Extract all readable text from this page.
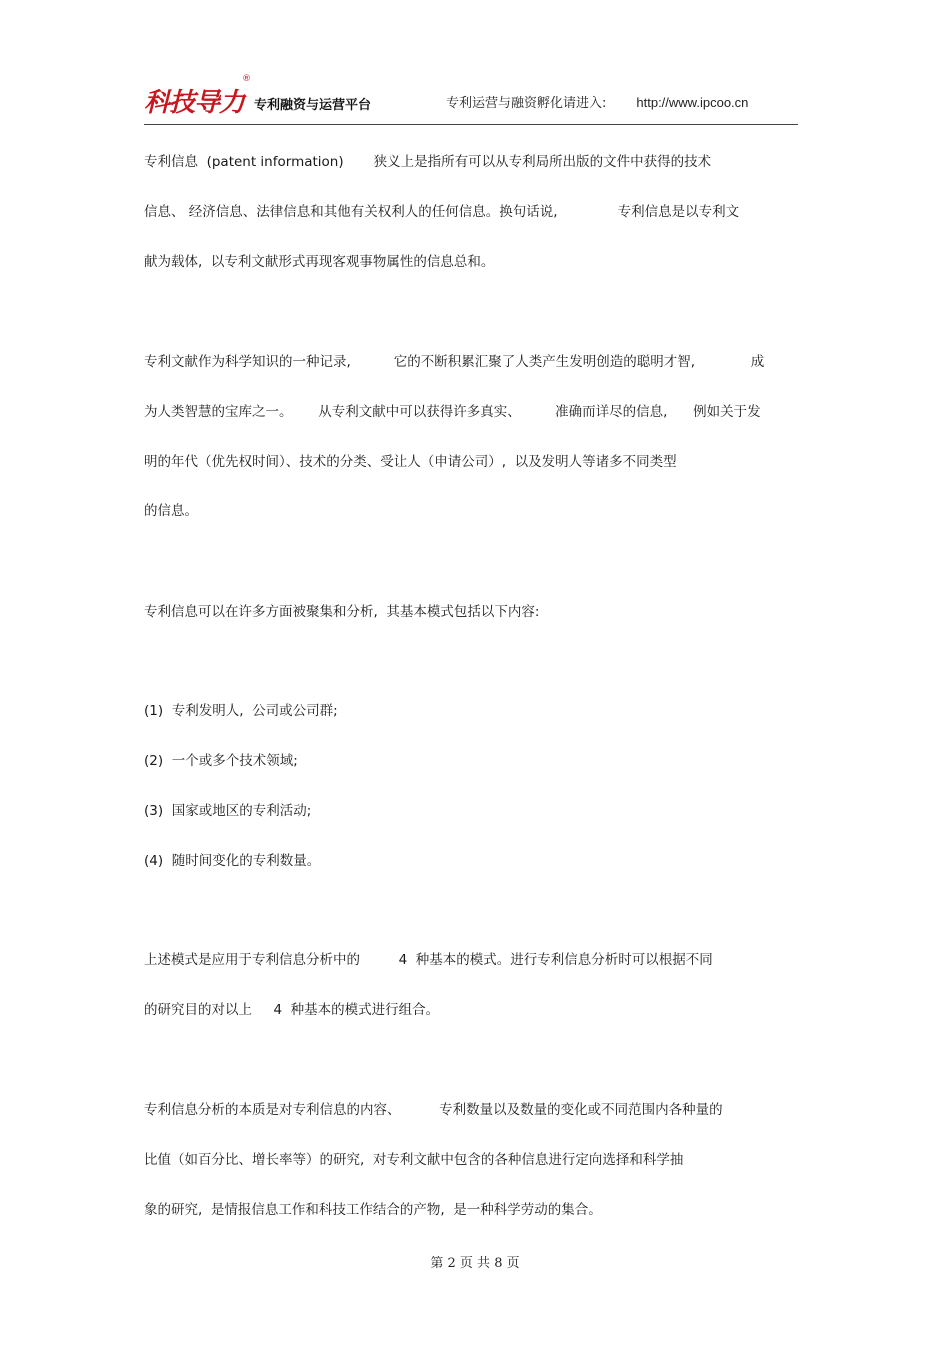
科技导力
®
专利融资与运营平台	专利运营与融资孵化请进入: http://www.ipcoo.cn
专利信息  (patent information)       狭义上是指所有可以从专利局所出版的文件中获得的技术
信息、 经济信息、法律信息和其他有关权利人的任何信息。换句话说,              专利信息是以专利文
献为载体,  以专利文献形式再现客观事物属性的信息总和。
专利文献作为科学知识的一种记录,          它的不断积累汇聚了人类产生发明创造的聪明才智,             成
为人类智慧的宝库之一。      从专利文献中可以获得许多真实、        准确而详尽的信息,      例如关于发
明的年代（优先权时间）、技术的分类、受让人（申请公司）,  以及发明人等诸多不同类型
的信息。
专利信息可以在许多方面被聚集和分析,  其基本模式包括以下内容:
(1)  专利发明人,  公司或公司群;
(2)  一个或多个技术领域;
(3)  国家或地区的专利活动;
(4)  随时间变化的专利数量。
上述模式是应用于专利信息分析中的         4  种基本的模式。进行专利信息分析时可以根据不同
的研究目的对以上     4  种基本的模式进行组合。
专利信息分析的本质是对专利信息的内容、         专利数量以及数量的变化或不同范围内各种量的
比值（如百分比、增长率等）的研究,  对专利文献中包含的各种信息进行定向选择和科学抽
象的研究,  是情报信息工作和科技工作结合的产物,  是一种科学劳动的集合。
第 2 页 共 8 页
